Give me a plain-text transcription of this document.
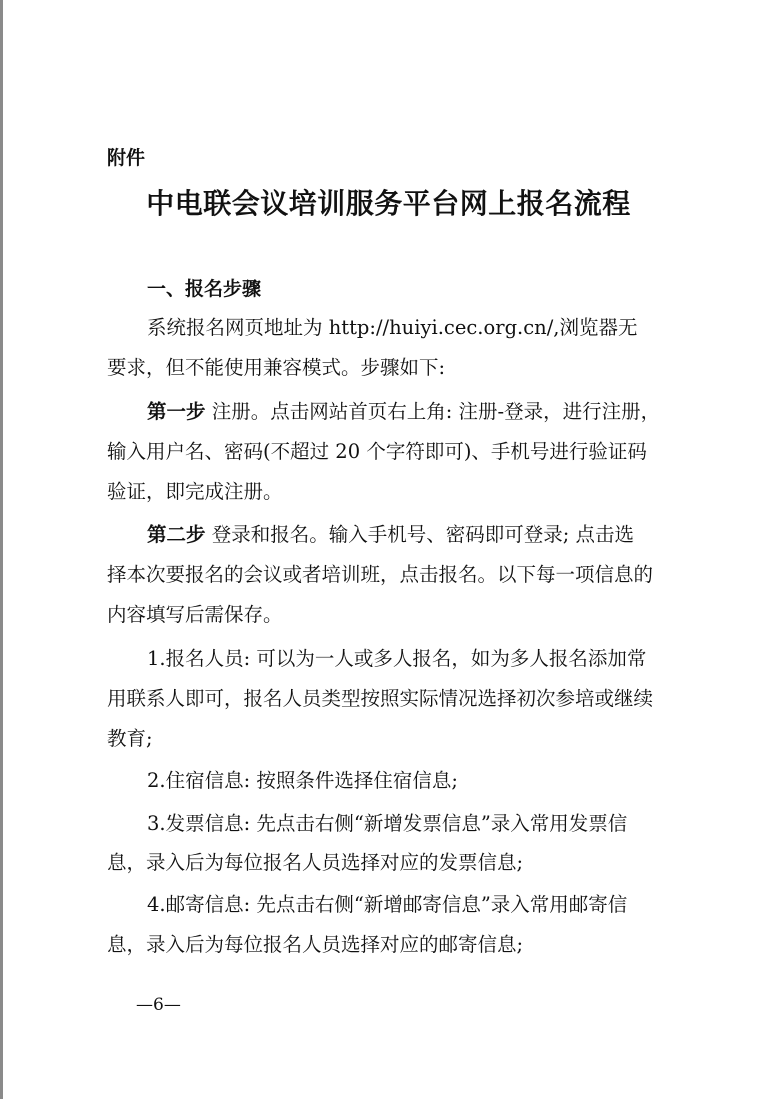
附件
中电联会议培训服务平台网上报名流程
一、报名步骤
系统报名网页地址为 http://huiyi.cec.org.cn/,浏览器无
要求，但不能使用兼容模式。步骤如下:
第一步 注册。点击网站首页右上角: 注册-登录，进行注册，
输入用户名、密码(不超过 20 个字符即可)、手机号进行验证码
验证，即完成注册。
第二步 登录和报名。输入手机号、密码即可登录; 点击选
择本次要报名的会议或者培训班，点击报名。以下每一项信息的
内容填写后需保存。
1.报名人员: 可以为一人或多人报名，如为多人报名添加常
用联系人即可，报名人员类型按照实际情况选择初次参培或继续
教育;
2.住宿信息: 按照条件选择住宿信息;
3.发票信息: 先点击右侧“新增发票信息”录入常用发票信
息，录入后为每位报名人员选择对应的发票信息;
4.邮寄信息: 先点击右侧“新增邮寄信息”录入常用邮寄信
息，录入后为每位报名人员选择对应的邮寄信息;
—6—
